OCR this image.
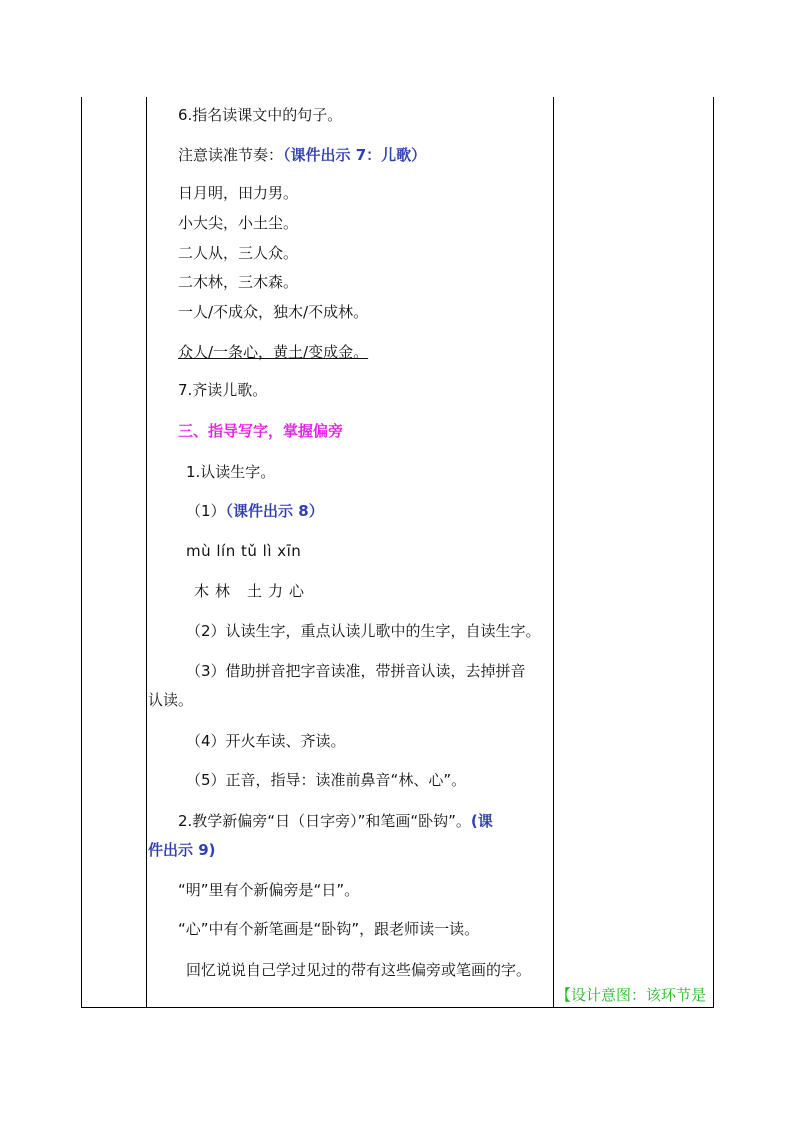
6.指名读课文中的句子。
注意读准节奏：（课件出示 7：儿歌）
日月明，田力男。
小大尖，小土尘。
二人从，三人众。
二木林，三木森。
一人/不成众，独木/不成林。
众人/一条心，黄土/变成金。
7.齐读儿歌。
三、指导写字，掌握偏旁
1.认读生字。
（1）（课件出示 8）
mù lín tǔ lì xīn
木 林 土 力 心
（2）认读生字，重点认读儿歌中的生字，自读生字。
（3）借助拼音把字音读准，带拼音认读，去掉拼音
认读。
（4）开火车读、齐读。
（5）正音，指导：读准前鼻音“林、心”。
2.教学新偏旁“日（日字旁）”和笔画“卧钩”。(课
件出示 9)
“明”里有个新偏旁是“日”。
“心”中有个新笔画是“卧钩”，跟老师读一读。
回忆说说自己学过见过的带有这些偏旁或笔画的字。
【设计意图：该环节是
